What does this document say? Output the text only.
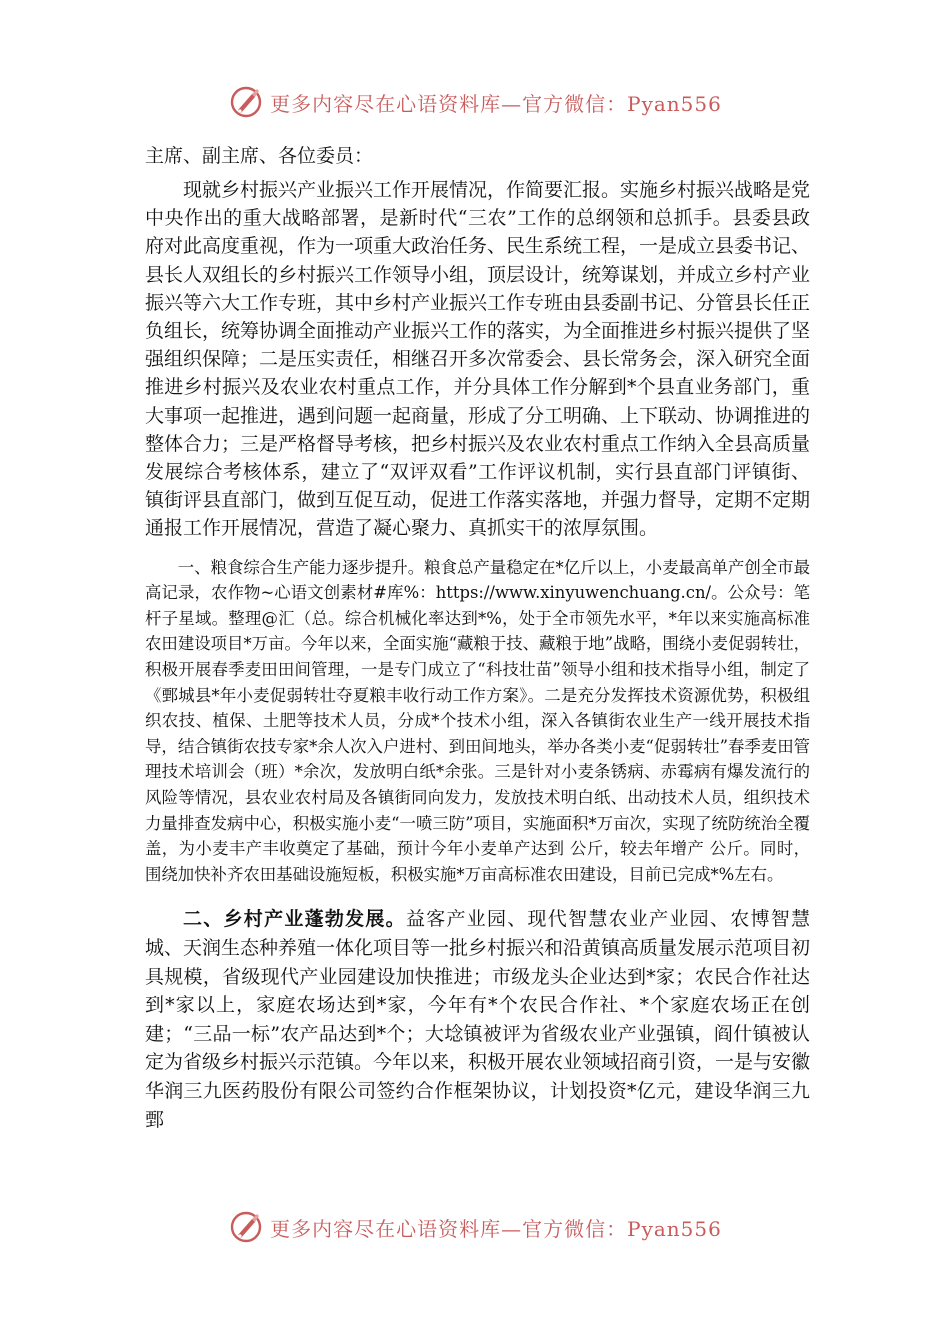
更多内容尽在心语资料库—官方微信：Pyan556

主席、副主席、各位委员：

现就乡村振兴产业振兴工作开展情况，作简要汇报。实施乡村振兴战略是党中央作出的重大战略部署，是新时代“三农”工作的总纲领和总抓手。县委县政府对此高度重视，作为一项重大政治任务、民生系统工程，一是成立县委书记、县长人双组长的乡村振兴工作领导小组，顶层设计，统筹谋划，并成立乡村产业振兴等六大工作专班，其中乡村产业振兴工作专班由县委副书记、分管县长任正负组长，统筹协调全面推动产业振兴工作的落实，为全面推进乡村振兴提供了坚强组织保障；二是压实责任，相继召开多次常委会、县长常务会，深入研究全面推进乡村振兴及农业农村重点工作，并分具体工作分解到*个县直业务部门，重大事项一起推进，遇到问题一起商量，形成了分工明确、上下联动、协调推进的整体合力；三是严格督导考核，把乡村振兴及农业农村重点工作纳入全县高质量发展综合考核体系，建立了“双评双看”工作评议机制，实行县直部门评镇街、镇街评县直部门，做到互促互动，促进工作落实落地，并强力督导，定期不定期通报工作开展情况，营造了凝心聚力、真抓实干的浓厚氛围。

一、粮食综合生产能力逐步提升。粮食总产量稳定在*亿斤以上，小麦最高单产创全市最高记录，农作物~心语文创素材#库%：https://www.xinyuwenchuang.cn/。公众号：笔杆子星域。整理@汇（总。综合机械化率达到*%，处于全市领先水平，*年以来实施高标准农田建设项目*万亩。今年以来，全面实施“藏粮于技、藏粮于地”战略，围绕小麦促弱转壮，积极开展春季麦田田间管理，一是专门成立了“科技壮苗”领导小组和技术指导小组，制定了《鄄城县*年小麦促弱转壮夺夏粮丰收行动工作方案》。二是充分发挥技术资源优势，积极组织农技、植保、土肥等技术人员，分成*个技术小组，深入各镇街农业生产一线开展技术指导，结合镇街农技专家*余人次入户进村、到田间地头，举办各类小麦“促弱转壮”春季麦田管理技术培训会（班）*余次，发放明白纸*余张。三是针对小麦条锈病、赤霉病有爆发流行的风险等情况，县农业农村局及各镇街同向发力，发放技术明白纸、出动技术人员，组织技术力量排查发病中心，积极实施小麦“一喷三防”项目，实施面积*万亩次，实现了统防统治全覆盖，为小麦丰产丰收奠定了基础，预计今年小麦单产达到 公斤，较去年增产 公斤。同时，围绕加快补齐农田基础设施短板，积极实施*万亩高标准农田建设，目前已完成*%左右。

二、乡村产业蓬勃发展。益客产业园、现代智慧农业产业园、农博智慧城、天润生态种养殖一体化项目等一批乡村振兴和沿黄镇高质量发展示范项目初具规模，省级现代产业园建设加快推进；市级龙头企业达到*家；农民合作社达到*家以上，家庭农场达到*家，今年有*个农民合作社、*个家庭农场正在创建；“三品一标”农产品达到*个；大埝镇被评为省级农业产业强镇，阎什镇被认定为省级乡村振兴示范镇。今年以来，积极开展农业领域招商引资，一是与安徽华润三九医药股份有限公司签约合作框架协议，计划投资*亿元，建设华润三九鄄

更多内容尽在心语资料库—官方微信：Pyan556
